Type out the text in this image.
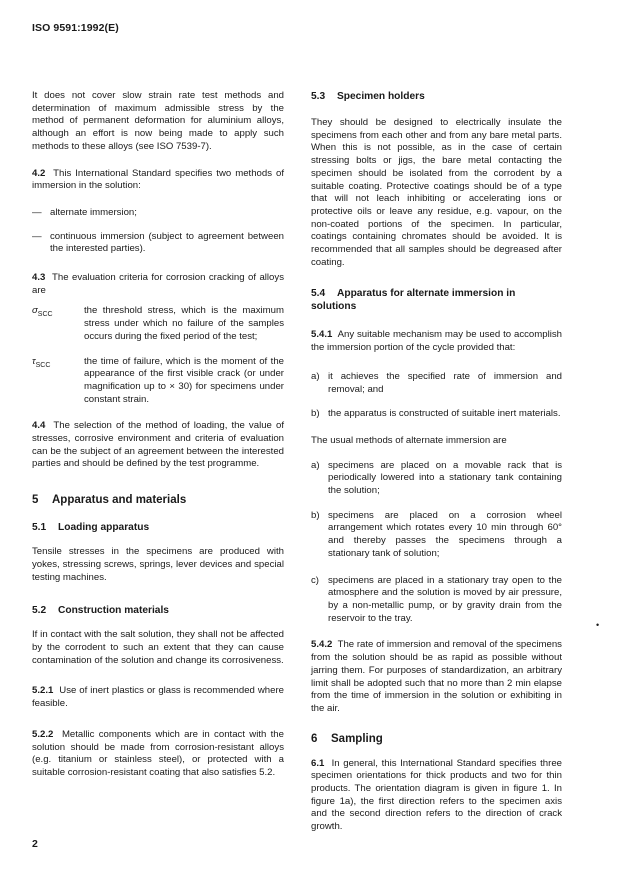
ISO 9591:1992(E)

It does not cover slow strain rate test methods and determination of maximum admissible stress by the method of permanent deformation for aluminium alloys, although an effort is now being made to apply such methods to these alloys (see ISO 7539-7).

4.2 This International Standard specifies two methods of immersion in the solution:

— alternate immersion;
— continuous immersion (subject to agreement between the interested parties).

4.3 The evaluation criteria for corrosion cracking of alloys are

$\sigma_{SCC}$	the threshold stress, which is the maximum stress under which no failure of the samples occurs during the fixed period of the test;
$\tau_{SCC}$	the time of failure, which is the moment of the appearance of the first visible crack (or under magnification up to × 30) for specimens under constant strain.

4.4 The selection of the method of loading, the value of stresses, corrosive environment and criteria of evaluation can be the subject of an agreement between the interested parties and should be defined by the test programme.

5 Apparatus and materials
5.1 Loading apparatus

Tensile stresses in the specimens are produced with yokes, stressing screws, springs, lever devices and special testing machines.

5.2 Construction materials

If in contact with the salt solution, they shall not be affected by the corrodent to such an extent that they can cause contamination of the solution and change its corrosiveness.

5.2.1 Use of inert plastics or glass is recommended where feasible.

5.2.2 Metallic components which are in contact with the solution should be made from corrosion-resistant alloys (e.g. titanium or stainless steel), or protected with a suitable corrosion-resistant coating that also satisfies 5.2.

5.3 Specimen holders

They should be designed to electrically insulate the specimens from each other and from any bare metal parts. When this is not possible, as in the case of certain stressing bolts or jigs, the bare metal contacting the specimen should be isolated from the corrodent by a suitable coating. Protective coatings should be of a type that will not leach inhibiting or accelerating ions or protective oils or leave any residue, e.g. vapour, on the non-coated portions of the specimen. In particular, coatings containing chromates should be avoided. It is recommended that all samples should be degreased after coating.

5.4 Apparatus for alternate immersion in solutions

5.4.1 Any suitable mechanism may be used to accomplish the immersion portion of the cycle provided that:

a) it achieves the specified rate of immersion and removal; and
b) the apparatus is constructed of suitable inert materials.

The usual methods of alternate immersion are

a) specimens are placed on a movable rack that is periodically lowered into a stationary tank containing the solution;
b) specimens are placed on a corrosion wheel arrangement which rotates every 10 min through 60° and thereby passes the specimens through a stationary tank of solution;
c) specimens are placed in a stationary tray open to the atmosphere and the solution is moved by air pressure, by a non-metallic pump, or by gravity drain from the reservoir to the tray.

5.4.2 The rate of immersion and removal of the specimens from the solution should be as rapid as possible without jarring them. For purposes of standardization, an arbitrary limit shall be adopted such that no more than 2 min elapse from the time of immersion in the solution or exhibiting in the air.

6 Sampling

6.1 In general, this International Standard specifies three specimen orientations for thick products and two for thin products. The orientation diagram is given in figure 1. In figure 1a), the first direction refers to the specimen axis and the second direction refers to the direction of crack growth.

•
2
